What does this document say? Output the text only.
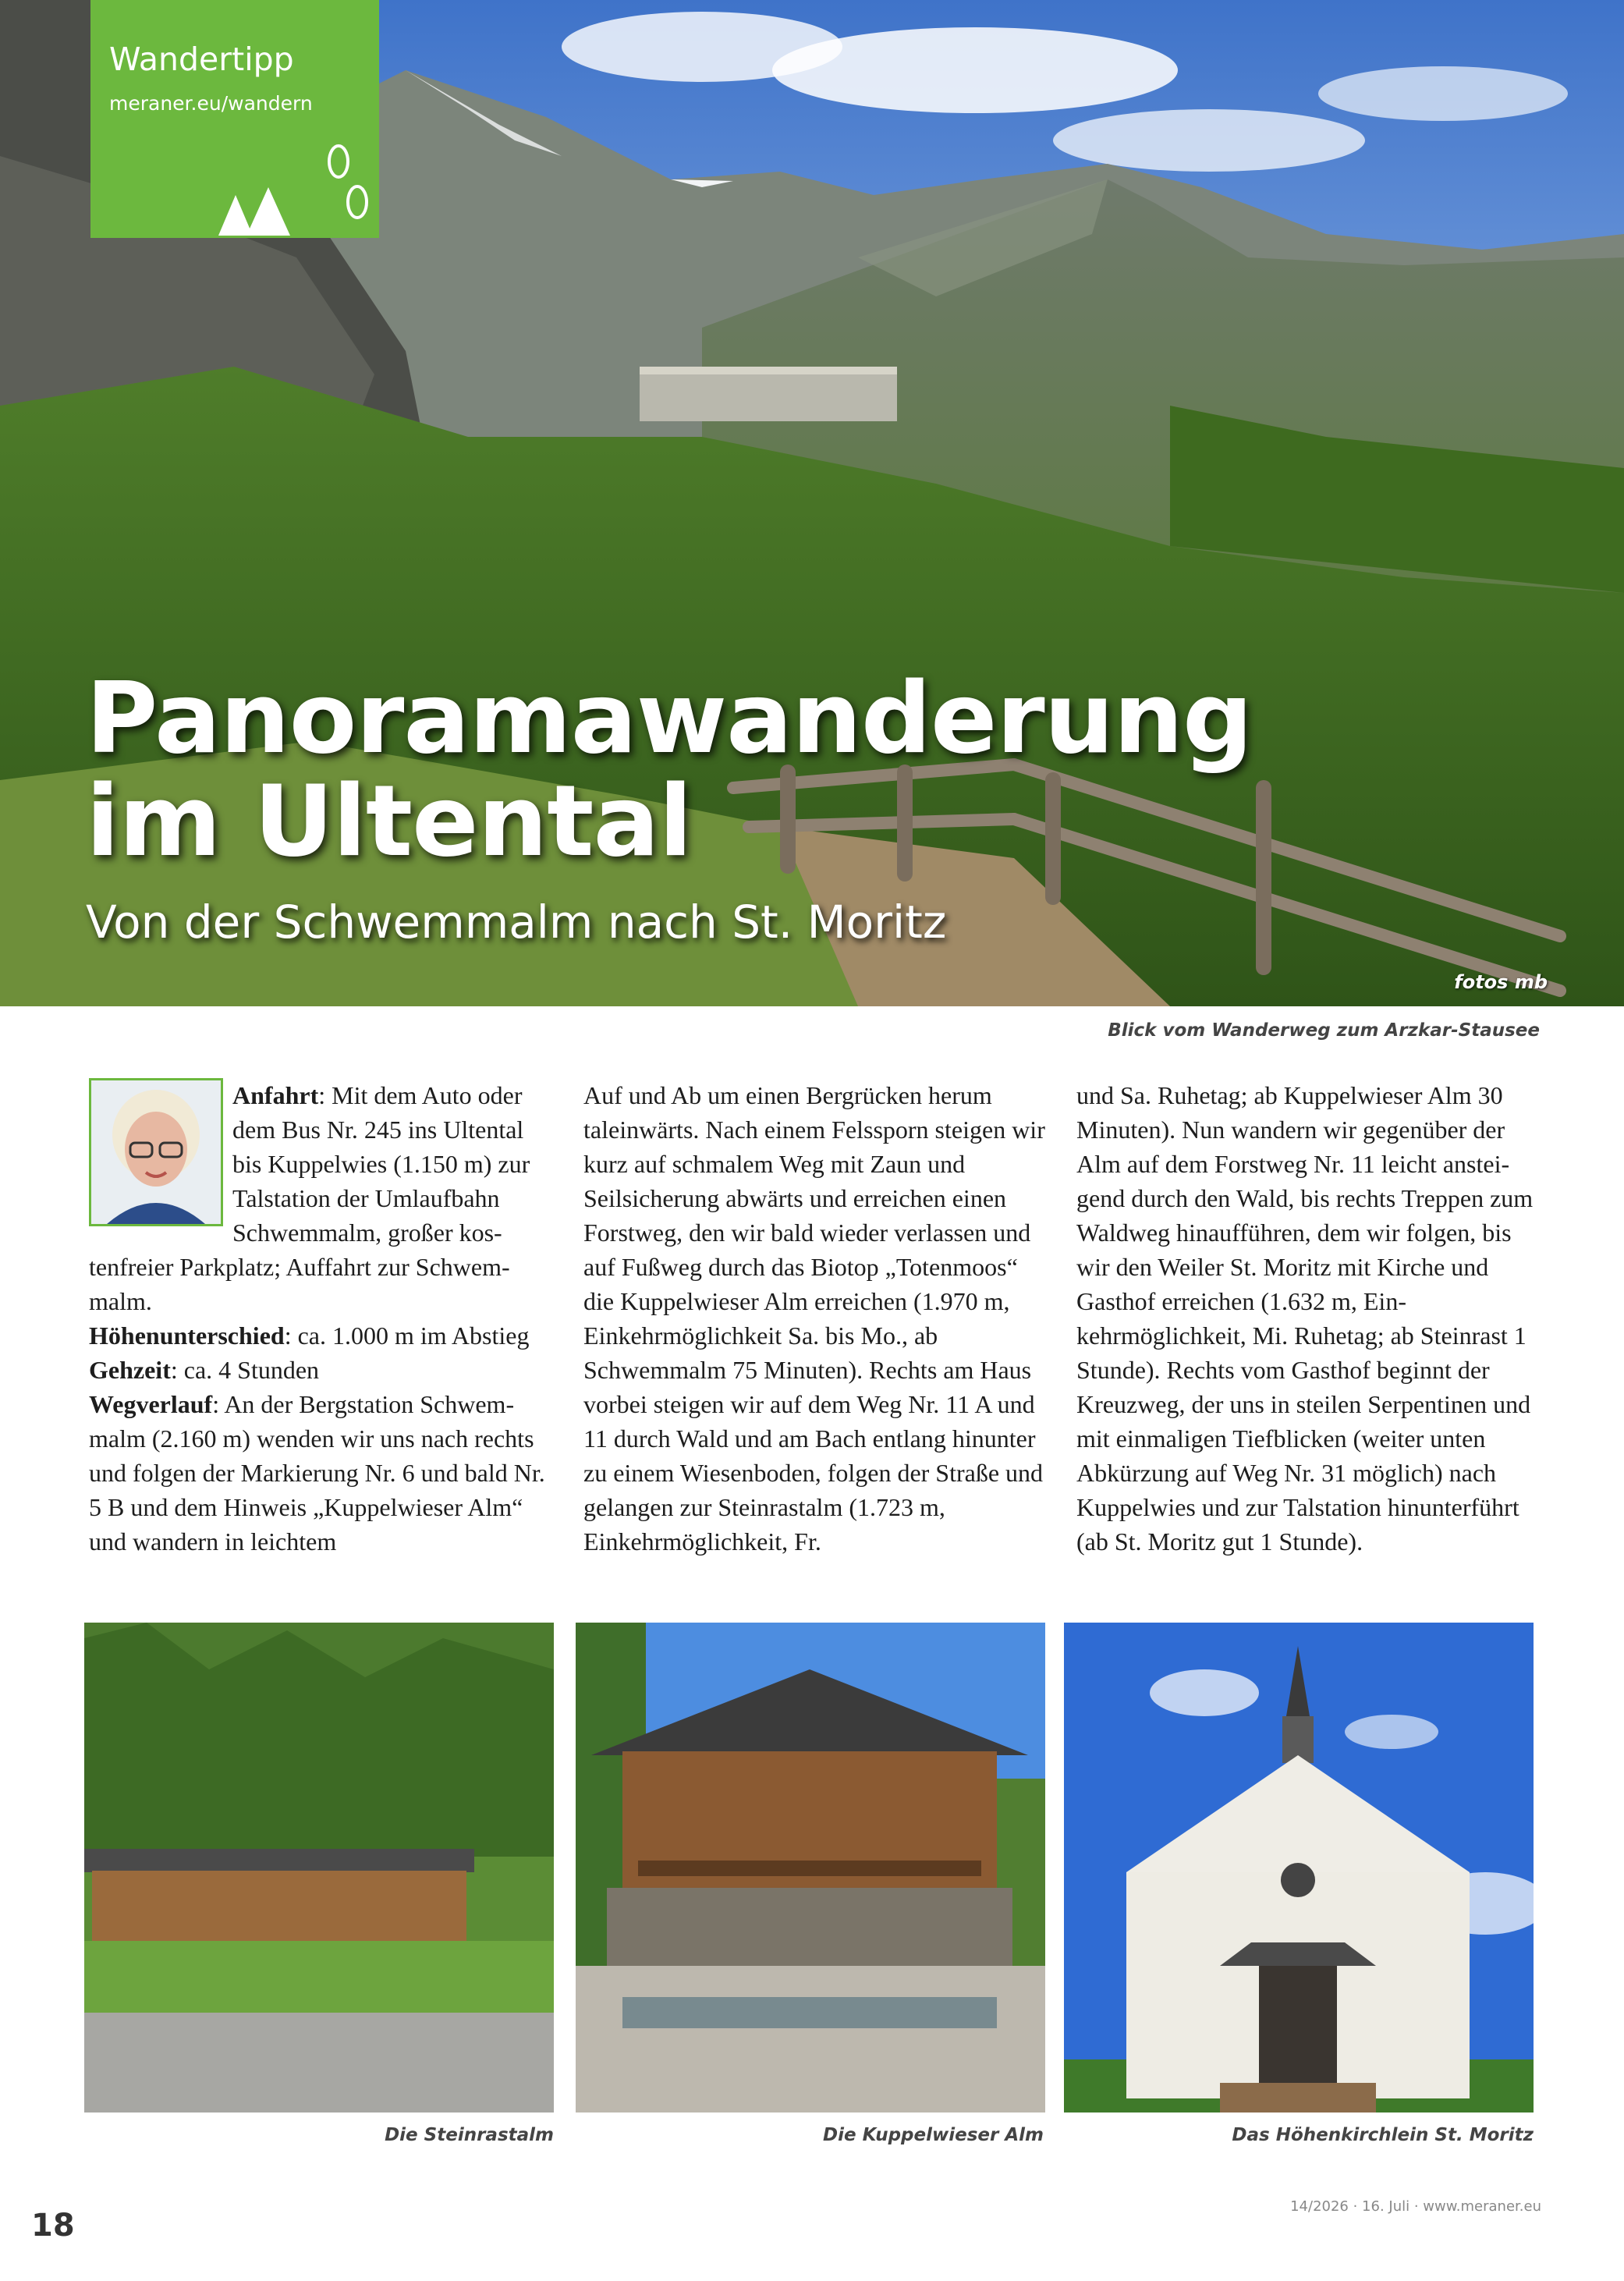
Wandertipp
meraner.eu/wandern
Panoramawanderung
im Ultental
Von der Schwemmalm nach St. Moritz
fotos mb
Blick vom Wanderweg zum Arzkar-Stausee

Anfahrt: Mit dem Auto oder dem Bus Nr. 245 ins Ultental bis Kuppelwies (1.150 m) zur Talstation der Umlaufbahn Schwemmalm, großer kostenfreier Parkplatz; Auffahrt zur Schwemmalm.

Höhenunterschied: ca. 1.000 m im Abstieg

Gehzeit: ca. 4 Stunden

Wegverlauf: An der Bergstation Schwemmalm (2.160 m) wenden wir uns nach rechts und folgen der Markierung Nr. 6 und bald Nr. 5 B und dem Hinweis „Kuppelwieser Alm“ und wandern in leichtem

Auf und Ab um einen Bergrücken herum taleinwärts. Nach einem Felssporn steigen wir kurz auf schmalem Weg mit Zaun und Seilsicherung abwärts und erreichen einen Forstweg, den wir bald wieder verlassen und auf Fußweg durch das Biotop „Totenmoos“ die Kuppelwieser Alm erreichen (1.970 m, Einkehrmöglichkeit Sa. bis Mo., ab Schwemmalm 75 Minuten). Rechts am Haus vorbei steigen wir auf dem Weg Nr. 11 A und 11 durch Wald und am Bach entlang hinunter zu einem Wiesenboden, folgen der Straße und gelangen zur Steinrastalm (1.723 m, Einkehrmöglichkeit, Fr.

und Sa. Ruhetag; ab Kuppelwieser Alm 30 Minuten). Nun wandern wir gegenüber der Alm auf dem Forstweg Nr. 11 leicht ansteigend durch den Wald, bis rechts Treppen zum Waldweg hinaufführen, dem wir folgen, bis wir den Weiler St. Moritz mit Kirche und Gasthof erreichen (1.632 m, Einkehrmöglichkeit, Mi. Ruhetag; ab Steinrast 1 Stunde). Rechts vom Gasthof beginnt der Kreuzweg, der uns in steilen Serpentinen und mit einmaligen Tiefblicken (weiter unten Abkürzung auf Weg Nr. 31 möglich) nach Kuppelwies und zur Talstation hinunterführt (ab St. Moritz gut 1 Stunde).

Die Steinrastalm	Die Kuppelwieser Alm	Das Höhenkirchlein St. Moritz
18
14/2026 · 16. Juli · www.meraner.eu
